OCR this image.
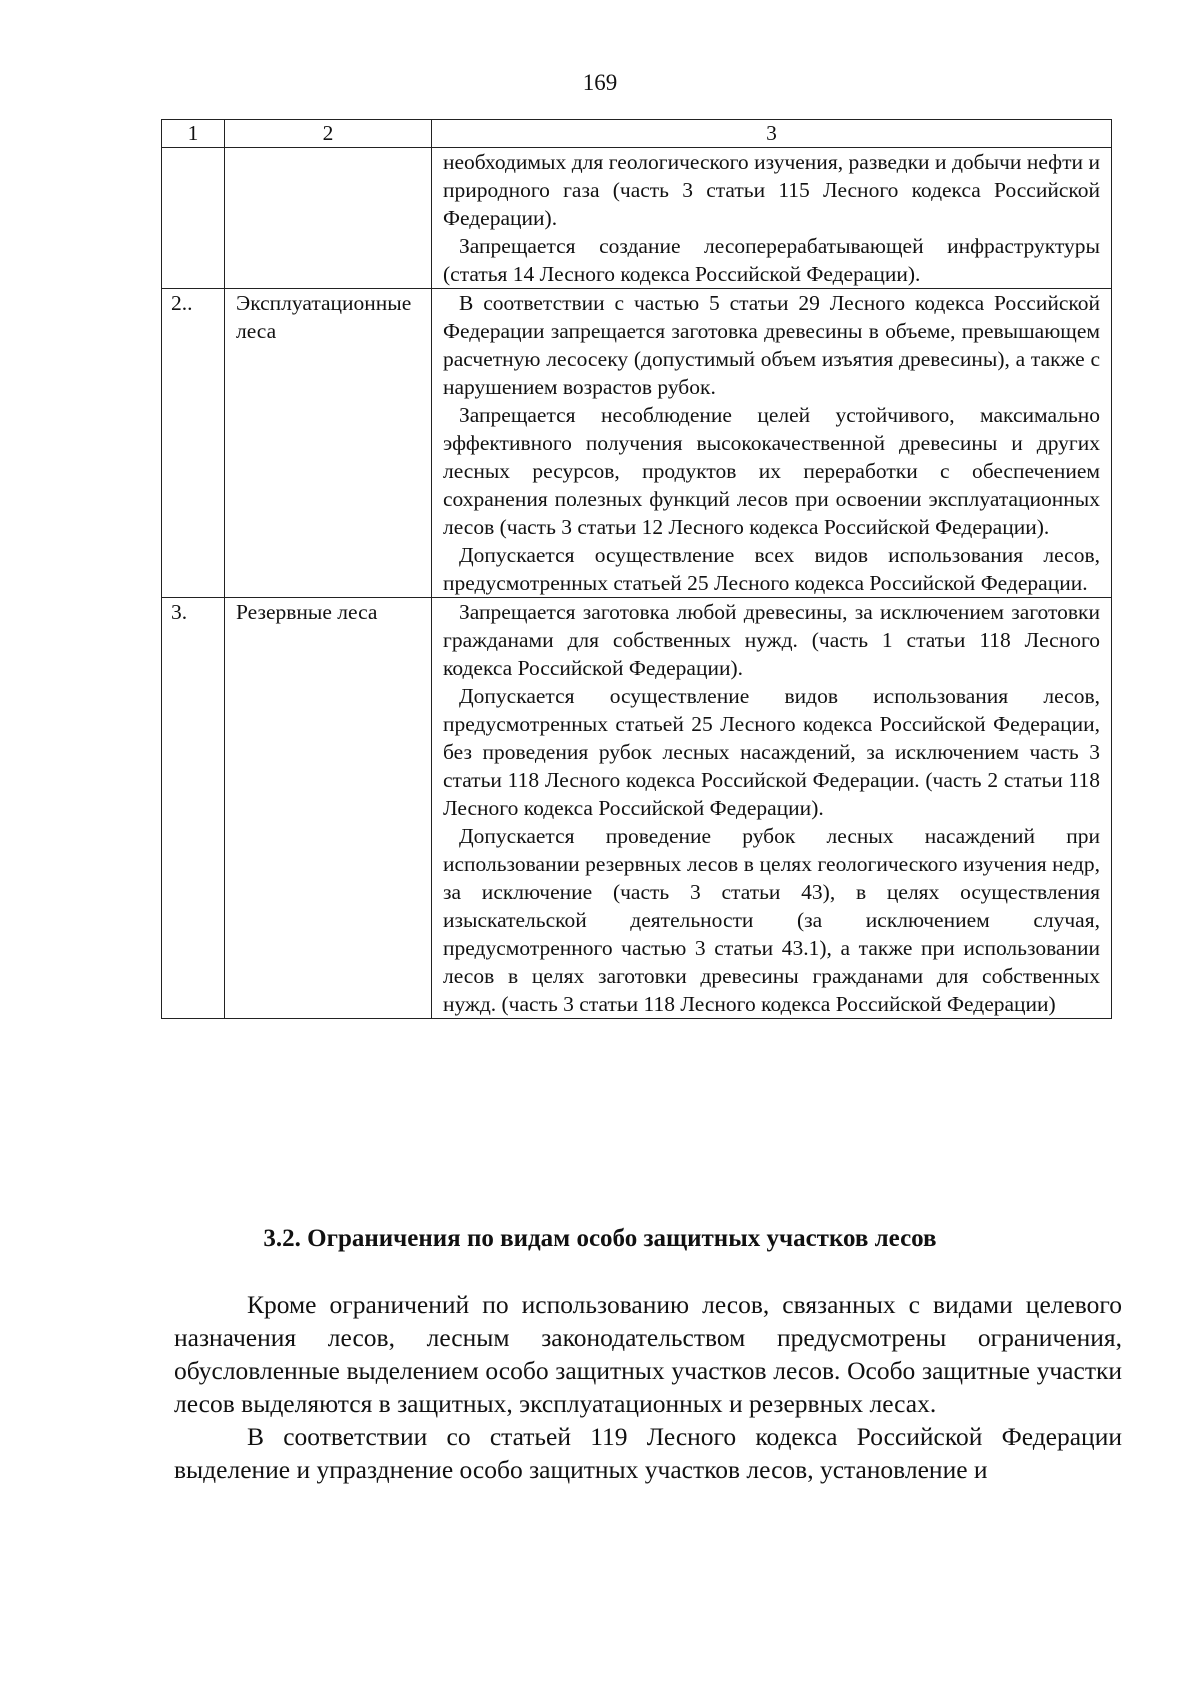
169
1	2	3

		необходимых для геологического изучения, разведки и добычи нефти и природного газа (часть 3 статьи 115 Лесного кодекса Российской Федерации).

Запрещается создание лесоперерабатывающей инфраструктуры (статья 14 Лесного кодекса Российской Федерации).

2..	Эксплуатационные леса	В соответствии с частью 5 статьи 29 Лесного кодекса Российской Федерации запрещается заготовка древесины в объеме, превышающем расчетную лесосеку (допустимый объем изъятия древесины), а также с нарушением возрастов рубок.

Запрещается несоблюдение целей устойчивого, максимально эффективного получения высококачественной древесины и других лесных ресурсов, продуктов их переработки с обеспечением сохранения полезных функций лесов при освоении эксплуатационных лесов (часть 3 статьи 12 Лесного кодекса Российской Федерации).

Допускается осуществление всех видов использования лесов, предусмотренных статьей 25 Лесного кодекса Российской Федерации.

3.	Резервные леса	Запрещается заготовка любой древесины, за исключением заготовки гражданами для собственных нужд. (часть 1 статьи 118 Лесного кодекса Российской Федерации).

Допускается осуществление видов использования лесов, предусмотренных статьей 25 Лесного кодекса Российской Федерации, без проведения рубок лесных насаждений, за исключением часть 3 статьи 118 Лесного кодекса Российской Федерации. (часть 2 статьи 118 Лесного кодекса Российской Федерации).

Допускается проведение рубок лесных насаждений при использовании резервных лесов в целях геологического изучения недр, за исключение (часть 3 статьи 43), в целях осуществления изыскательской деятельности (за исключением случая, предусмотренного частью 3 статьи 43.1), а также при использовании лесов в целях заготовки древесины гражданами для собственных нужд. (часть 3 статьи 118 Лесного кодекса Российской Федерации)

3.2. Ограничения по видам особо защитных участков лесов

Кроме ограничений по использованию лесов, связанных с видами целевого назначения лесов, лесным законодательством предусмотрены ограничения, обусловленные выделением особо защитных участков лесов. Особо защитные участки лесов выделяются в защитных, эксплуатационных и резервных лесах.

В соответствии со статьей 119 Лесного кодекса Российской Федерации выделение и упразднение особо защитных участков лесов, установление и
